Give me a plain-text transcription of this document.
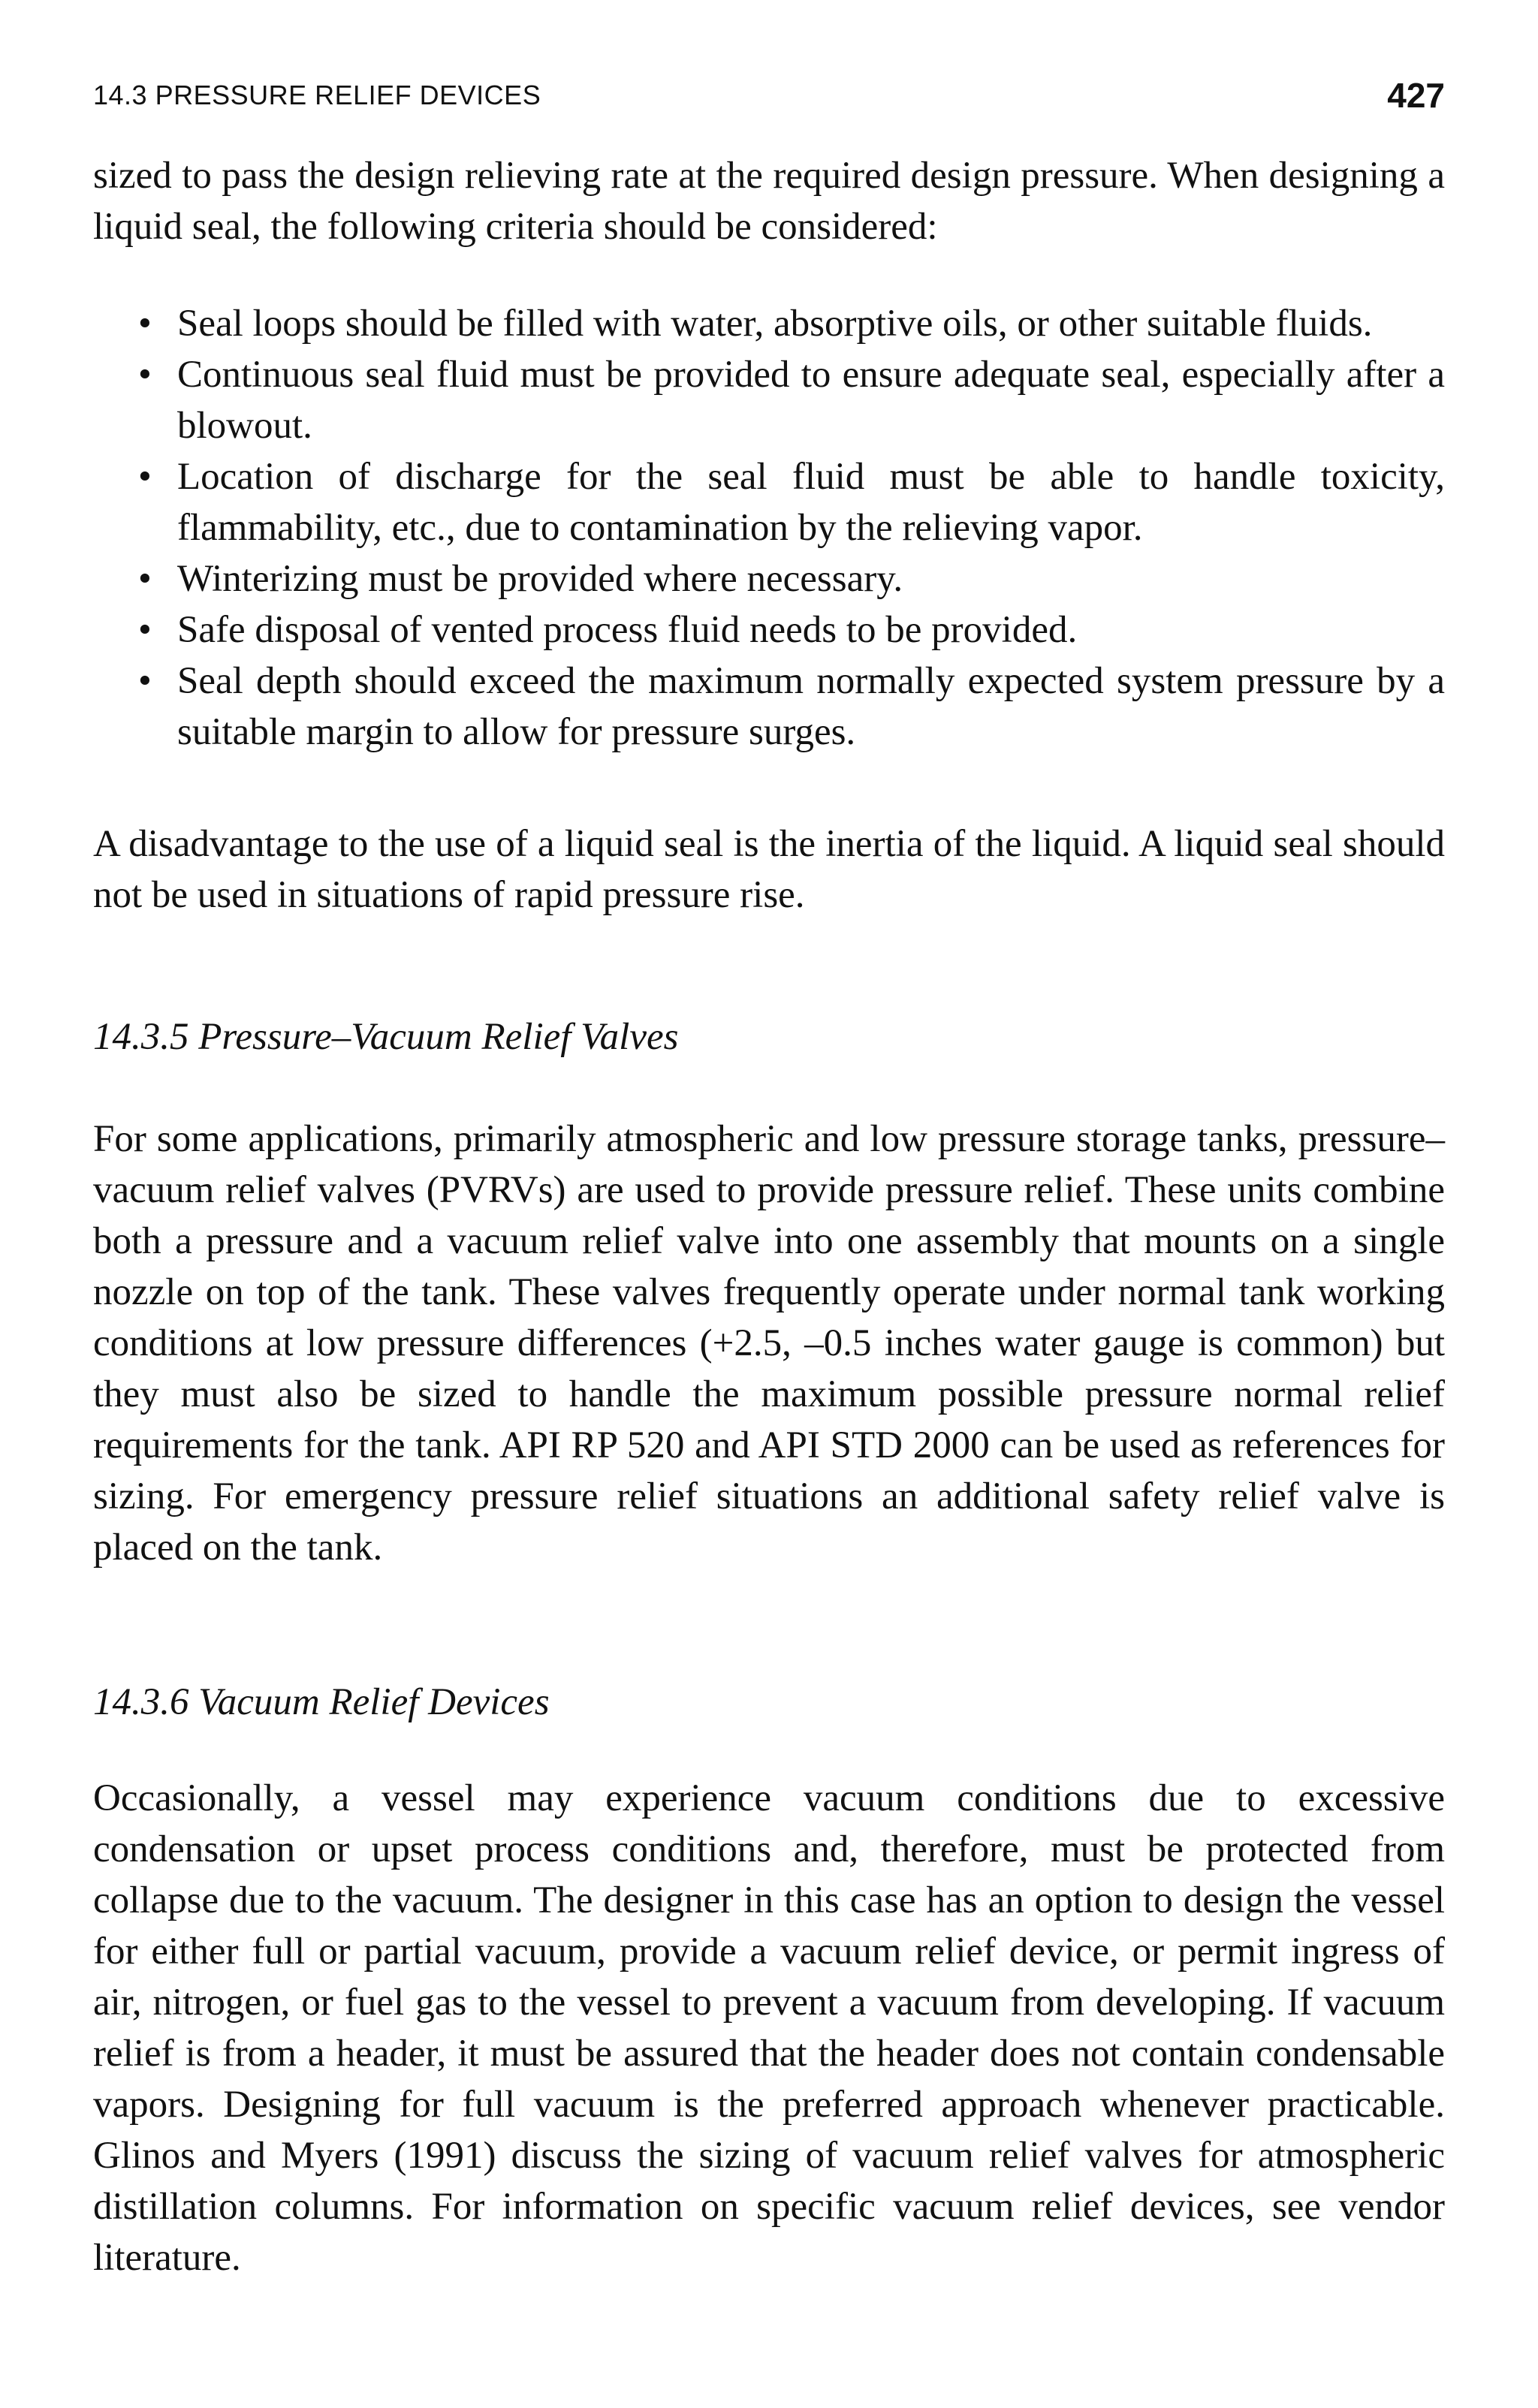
14.3 PRESSURE RELIEF DEVICES	427

sized to pass the design relieving rate at the required design pressure. When designing a liquid seal, the following criteria should be considered:

• Seal loops should be filled with water, absorptive oils, or other suitable fluids.
• Continuous seal fluid must be provided to ensure adequate seal, especially after a blowout.
• Location of discharge for the seal fluid must be able to handle toxicity, flammability, etc., due to contamination by the relieving vapor.
• Winterizing must be provided where necessary.
• Safe disposal of vented process fluid needs to be provided.
• Seal depth should exceed the maximum normally expected system pressure by a suitable margin to allow for pressure surges.

A disadvantage to the use of a liquid seal is the inertia of the liquid. A liquid seal should not be used in situations of rapid pressure rise.

14.3.5 Pressure–Vacuum Relief Valves

For some applications, primarily atmospheric and low pressure storage tanks, pressure–vacuum relief valves (PVRVs) are used to provide pressure relief. These units combine both a pressure and a vacuum relief valve into one assembly that mounts on a single nozzle on top of the tank. These valves frequently operate under normal tank working conditions at low pressure differences (+2.5, –0.5 inches water gauge is common) but they must also be sized to handle the maximum possible pressure normal relief requirements for the tank. API RP 520 and API STD 2000 can be used as references for sizing. For emergency pressure relief situations an additional safety relief valve is placed on the tank.

14.3.6 Vacuum Relief Devices

Occasionally, a vessel may experience vacuum conditions due to excessive condensation or upset process conditions and, therefore, must be protected from collapse due to the vacuum. The designer in this case has an option to design the vessel for either full or partial vacuum, provide a vacuum relief device, or permit ingress of air, nitrogen, or fuel gas to the vessel to prevent a vacuum from developing. If vacuum relief is from a header, it must be assured that the header does not contain condensable vapors. Designing for full vacuum is the preferred approach whenever practicable. Glinos and Myers (1991) discuss the sizing of vacuum relief valves for atmospheric distillation columns. For information on specific vacuum relief devices, see vendor literature.
